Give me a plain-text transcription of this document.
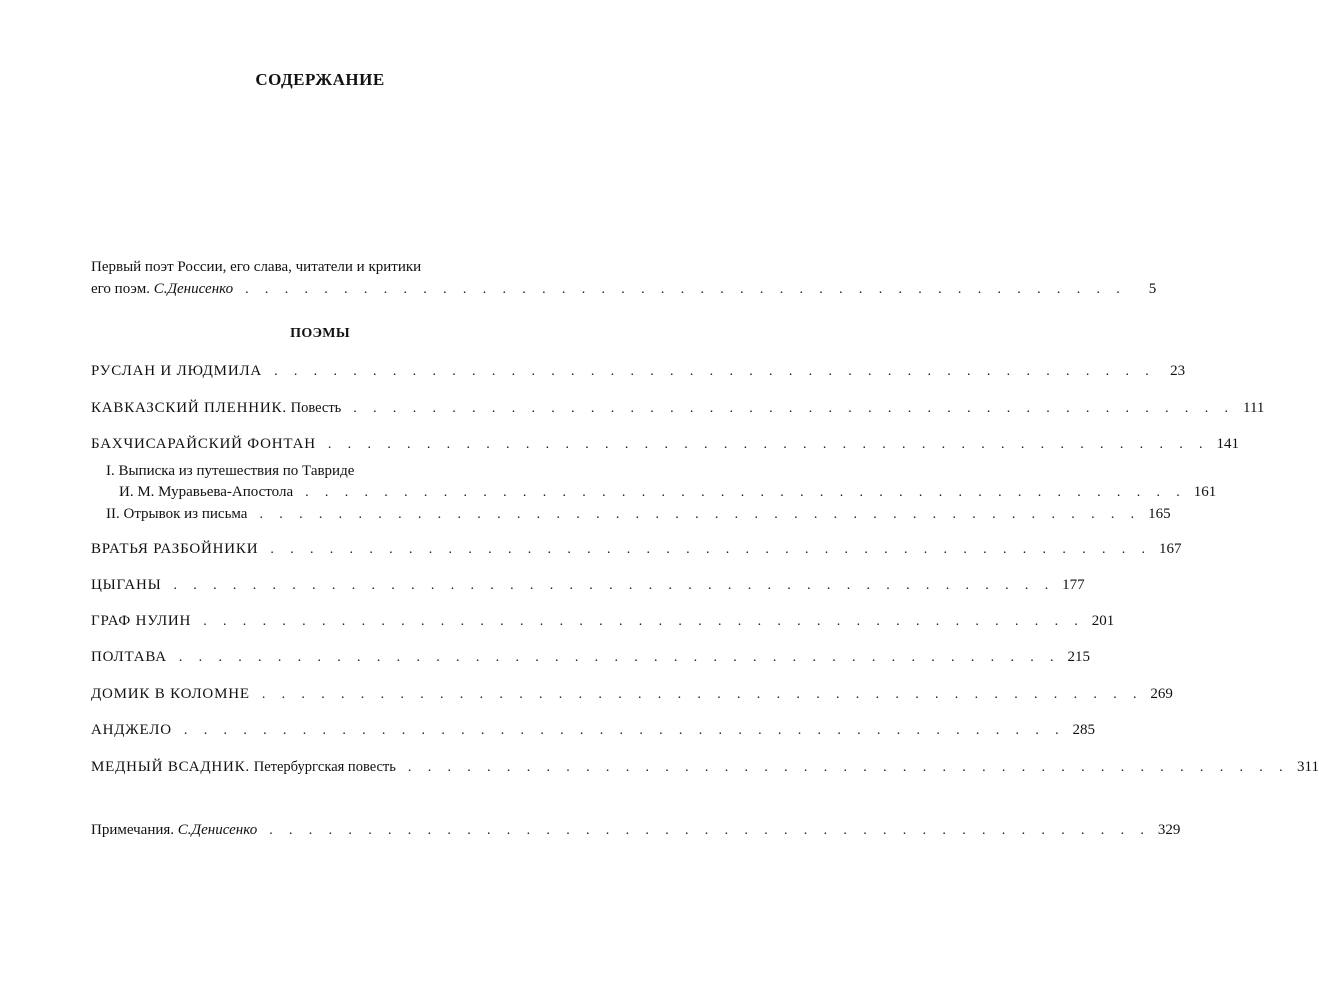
СОДЕРЖАНИЕ
Первый поэт России, его слава, читатели и критики
его поэм. С.Денисенко . . . . . . . . . . . . . . . . . . . . . . . . . . . . . . . . . . . . . . . . . . . . .	5
ПОЭМЫ
РУСЛАН И ЛЮДМИЛА . . . . . . . . . . . . . . . . . . . . . . . . . . . . . . . . . . . . . . . . . . . . .	23
КАВКАЗСКИЙ ПЛЕННИК. Повесть . . . . . . . . . . . . . . . . . . . . . . . . . . . . . . . . . . . . . . . . . . . . . 111
БАХЧИСАРАЙСКИЙ ФОНТАН . . . . . . . . . . . . . . . . . . . . . . . . . . . . . . . . . . . . . . . . . . . . . 141
I. Выписка из путешествия по Тавриде
И. М. Муравьева-Апостола . . . . . . . . . . . . . . . . . . . . . . . . . . . . . . . . . . . . . . . . . . . . . 161
II. Отрывок из письма . . . . . . . . . . . . . . . . . . . . . . . . . . . . . . . . . . . . . . . . . . . . . 165
ВРАТЬЯ РАЗБОЙНИКИ . . . . . . . . . . . . . . . . . . . . . . . . . . . . . . . . . . . . . . . . . . . . . 167
ЦЫГАНЫ . . . . . . . . . . . . . . . . . . . . . . . . . . . . . . . . . . . . . . . . . . . . . 177
ГРАФ НУЛИН . . . . . . . . . . . . . . . . . . . . . . . . . . . . . . . . . . . . . . . . . . . . . 201
ПОЛТАВА . . . . . . . . . . . . . . . . . . . . . . . . . . . . . . . . . . . . . . . . . . . . . 215
ДОМИК В КОЛОМНЕ . . . . . . . . . . . . . . . . . . . . . . . . . . . . . . . . . . . . . . . . . . . . . 269
АНДЖЕЛО . . . . . . . . . . . . . . . . . . . . . . . . . . . . . . . . . . . . . . . . . . . . . 285
МЕДНЫЙ ВСАДНИК. Петербургская повесть . . . . . . . . . . . . . . . . . . . . . . . . . . . . . . . . . . . . . . . . . . . . . 311
Примечания. С.Денисенко . . . . . . . . . . . . . . . . . . . . . . . . . . . . . . . . . . . . . . . . . . . . . 329
